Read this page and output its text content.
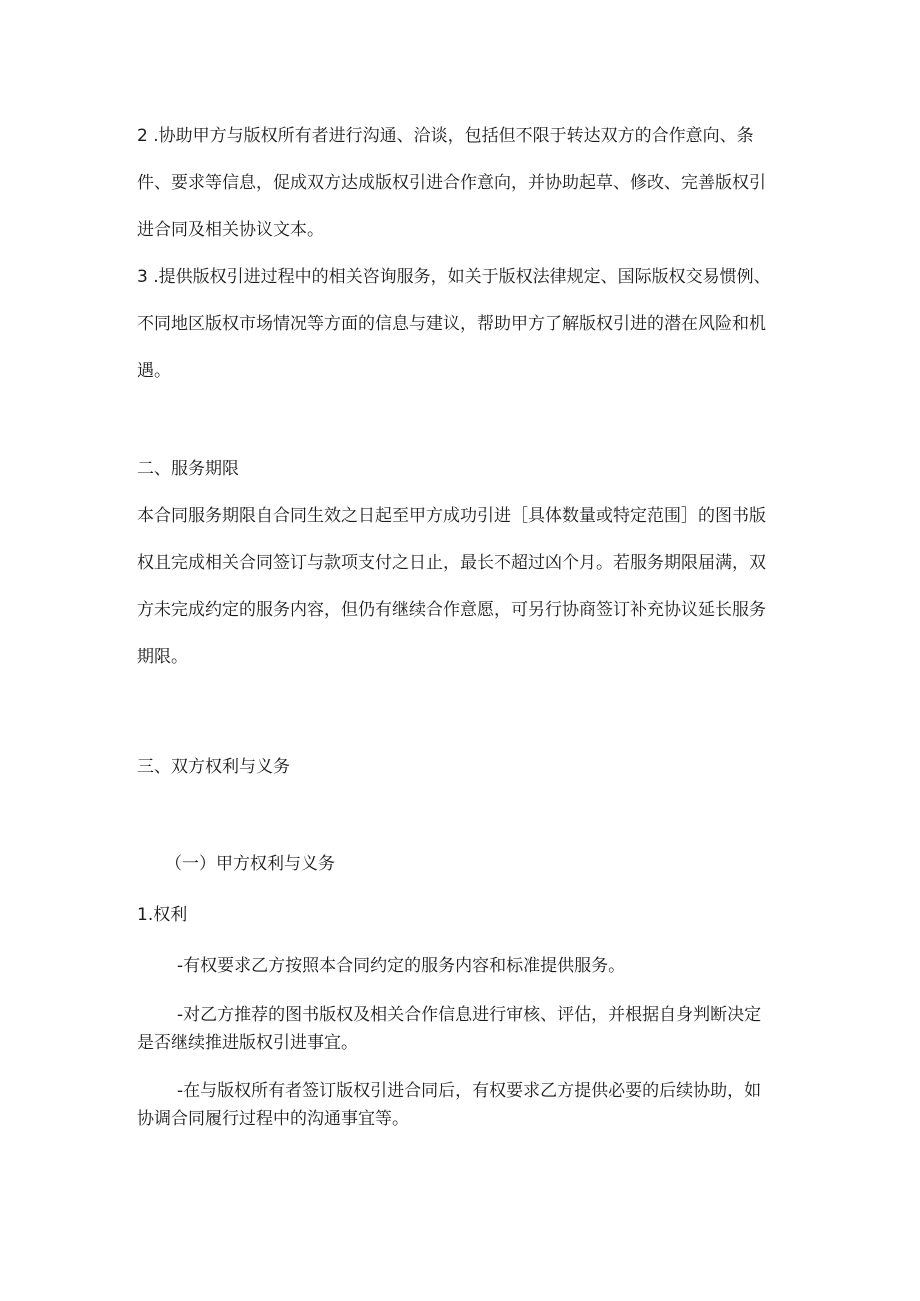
2 .协助甲方与版权所有者进行沟通、洽谈，包括但不限于转达双方的合作意向、条件、要求等信息，促成双方达成版权引进合作意向，并协助起草、修改、完善版权引进合同及相关协议文本。

3 .提供版权引进过程中的相关咨询服务，如关于版权法律规定、国际版权交易惯例、不同地区版权市场情况等方面的信息与建议，帮助甲方了解版权引进的潜在风险和机遇。

二、服务期限

本合同服务期限自合同生效之日起至甲方成功引进［具体数量或特定范围］的图书版权且完成相关合同签订与款项支付之日止，最长不超过凶个月。若服务期限届满，双方未完成约定的服务内容，但仍有继续合作意愿，可另行协商签订补充协议延长服务期限。

三、双方权利与义务

（一）甲方权利与义务

1.权利

-有权要求乙方按照本合同约定的服务内容和标准提供服务。

-对乙方推荐的图书版权及相关合作信息进行审核、评估，并根据自身判断决定是否继续推进版权引进事宜。

-在与版权所有者签订版权引进合同后，有权要求乙方提供必要的后续协助，如协调合同履行过程中的沟通事宜等。
